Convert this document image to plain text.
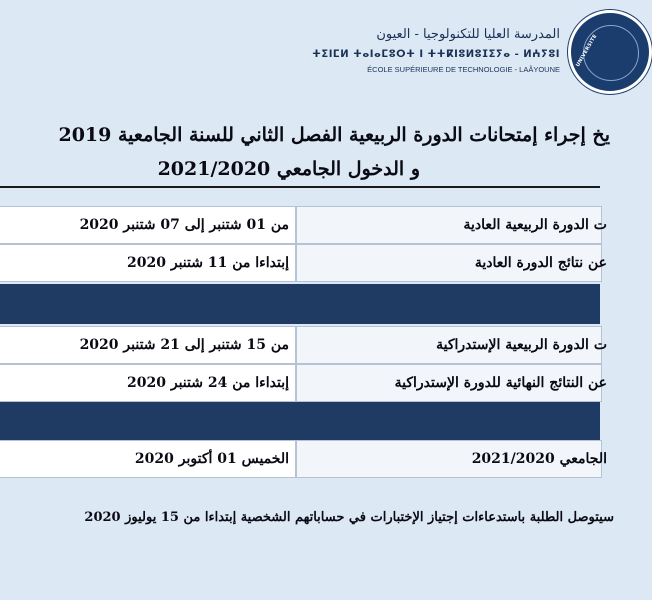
المدرسة العليا للتكنولوجيا - العيون
ⵜⵉⵏⵎⵍ ⵜⴰⵏⴰⵎⵓⵔⵜ ⵏ ⵜⵜⴽⵏⵓⵍⵓⵊⵉⵢⴰ - ⵍⵄⵢⵓⵏ
ÉCOLE SUPÉRIEURE DE TECHNOLOGIE - LAÂYOUNE
UNIVERSITE
يخ إجراء إمتحانات الدورة الربيعية الفصل الثاني للسنة الجامعية 2019
و الدخول الجامعي 2021/2020
ت الدورة الربيعية العادية
من 01 شتنبر إلى 07 شتنبر 2020
عن نتائج الدورة العادية
إبتداءا من 11 شتنبر 2020
ت الدورة الربيعية الإستدراكية
من 15 شتنبر إلى 21 شتنبر 2020
عن النتائج النهائية للدورة الإستدراكية
إبتداءا من 24 شتنبر 2020
الجامعي 2021/2020
الخميس 01 أكتوبر 2020
سيتوصل الطلبة باستدعاءات إجتياز الإختبارات في حساباتهم الشخصية إبتداءا من 15 يوليوز 2020
